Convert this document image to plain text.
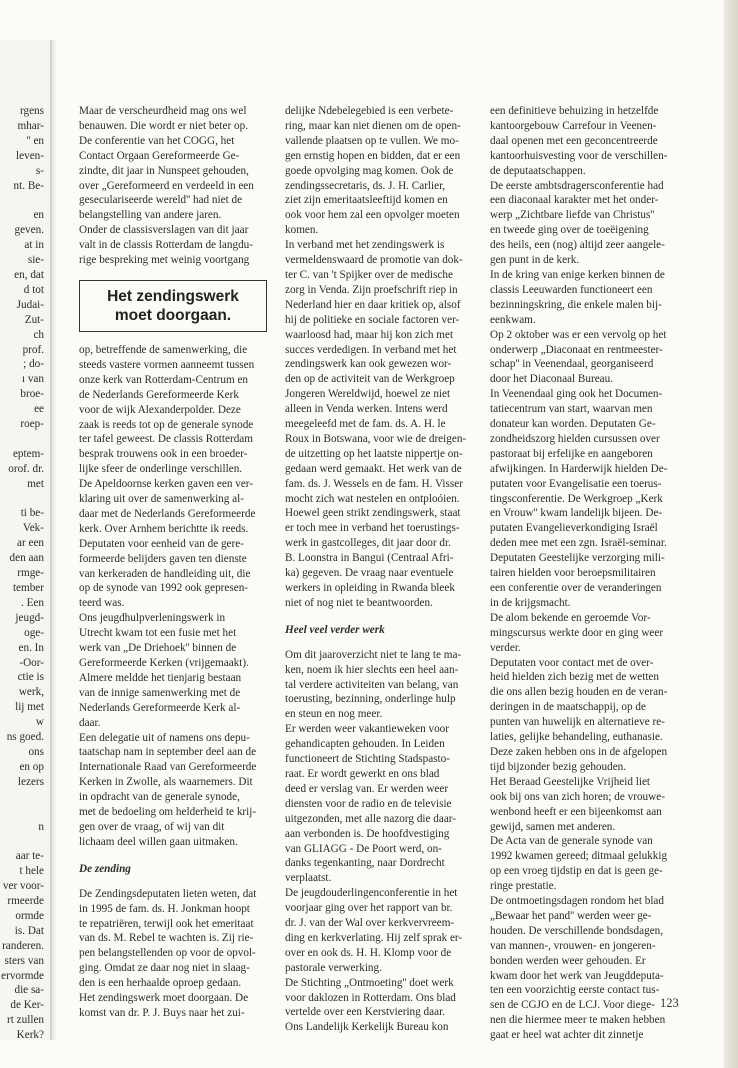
rgens

mhar-

'' en

leven-

s-

nt. Be-

en

geven.

at in

sie-

en, dat

d tot

Judai-

Zut-

ch

prof.

; do-

ı van

broe-

ee

roep-

eptem-

orof. dr.

met

ti be-

Vek-

ar een

den aan

rmge-

tember

. Een

jeugd-

oge-

en. In

-Oor-

ctie is

werk,

lij met

w

ns goed.

ons

en op

lezers

n

aar te-

t hele

ver voor-

rmeerde

ormde

is. Dat

randeren.

sters van

ervormde

die sa-

de Ker-

rt zullen

Kerk?

Maar de verscheurdheid mag ons wel

benauwen. Die wordt er niet beter op.

De conferentie van het COGG, het

Contact Orgaan Gereformeerde Ge-

zindte, dit jaar in Nunspeet gehouden,

over „Gereformeerd en verdeeld in een

geseculariseerde wereld'' had niet de

belangstelling van andere jaren.

Onder de classisverslagen van dit jaar

valt in de classis Rotterdam de langdu-

rige bespreking met weinig voortgang

Het zendingswerk
moet doorgaan.

op, betreffende de samenwerking, die

steeds vastere vormen aanneemt tussen

onze kerk van Rotterdam-Centrum en

de Nederlands Gereformeerde Kerk

voor de wijk Alexanderpolder. Deze

zaak is reeds tot op de generale synode

ter tafel geweest. De classis Rotterdam

besprak trouwens ook in een broeder-

lijke sfeer de onderlinge verschillen.

De Apeldoornse kerken gaven een ver-

klaring uit over de samenwerking al-

daar met de Nederlands Gereformeerde

kerk. Over Arnhem berichtte ik reeds.

Deputaten voor eenheid van de gere-

formeerde belijders gaven ten dienste

van kerkeraden de handleiding uit, die

op de synode van 1992 ook gepresen-

teerd was.

Ons jeugdhulpverleningswerk in

Utrecht kwam tot een fusie met het

werk van „De Driehoek'' binnen de

Gereformeerde Kerken (vrijgemaakt).

Almere meldde het tienjarig bestaan

van de innige samenwerking met de

Nederlands Gereformeerde Kerk al-

daar.

Een delegatie uit of namens ons depu-

taatschap nam in september deel aan de

Internationale Raad van Gereformeerde

Kerken in Zwolle, als waarnemers. Dit

in opdracht van de generale synode,

met de bedoeling om helderheid te krij-

gen over de vraag, of wij van dit

lichaam deel willen gaan uitmaken.

De zending

De Zendingsdeputaten lieten weten, dat

in 1995 de fam. ds. H. Jonkman hoopt

te repatriëren, terwijl ook het emeritaat

van ds. M. Rebel te wachten is. Zij rie-

pen belangstellenden op voor de opvol-

ging. Omdat ze daar nog niet in slaag-

den is een herhaalde oproep gedaan.

Het zendingswerk moet doorgaan. De

komst van dr. P. J. Buys naar het zui-

delijke Ndebelegebied is een verbete-

ring, maar kan niet dienen om de open-

vallende plaatsen op te vullen. We mo-

gen ernstig hopen en bidden, dat er een

goede opvolging mag komen. Ook de

zendingssecretaris, ds. J. H. Carlier,

ziet zijn emeritaatsleeftijd komen en

ook voor hem zal een opvolger moeten

komen.

In verband met het zendingswerk is

vermeldenswaard de promotie van dok-

ter C. van 't Spijker over de medische

zorg in Venda. Zijn proefschrift riep in

Nederland hier en daar kritiek op, alsof

hij de politieke en sociale factoren ver-

waarloosd had, maar hij kon zich met

succes verdedigen. In verband met het

zendingswerk kan ook gewezen wor-

den op de activiteit van de Werkgroep

Jongeren Wereldwijd, hoewel ze niet

alleen in Venda werken. Intens werd

meegeleefd met de fam. ds. A. H. le

Roux in Botswana, voor wie de dreigen-

de uitzetting op het laatste nippertje on-

gedaan werd gemaakt. Het werk van de

fam. ds. J. Wessels en de fam. H. Visser

mocht zich wat nestelen en ontploóien.

Hoewel geen strikt zendingswerk, staat

er toch mee in verband het toerustings-

werk in gastcolleges, dit jaar door dr.

B. Loonstra in Bangui (Centraal Afri-

ka) gegeven. De vraag naar eventuele

werkers in opleiding in Rwanda bleek

niet of nog niet te beantwoorden.

Heel veel verder werk

Om dit jaaroverzicht niet te lang te ma-

ken, noem ik hier slechts een heel aan-

tal verdere activiteiten van belang, van

toerusting, bezinning, onderlinge hulp

en steun en nog meer.

Er werden weer vakantieweken voor

gehandicapten gehouden. In Leiden

functioneert de Stichting Stadspasto-

raat. Er wordt gewerkt en ons blad

deed er verslag van. Er werden weer

diensten voor de radio en de televisie

uitgezonden, met alle nazorg die daar-

aan verbonden is. De hoofdvestiging

van GLIAGG - De Poort werd, on-

danks tegenkanting, naar Dordrecht

verplaatst.

De jeugdouderlingenconferentie in het

voorjaar ging over het rapport van br.

dr. J. van der Wal over kerkvervreem-

ding en kerkverlating. Hij zelf sprak er-

over en ook ds. H. H. Klomp voor de

pastorale verwerking.

De Stichting „Ontmoeting'' doet werk

voor daklozen in Rotterdam. Ons blad

vertelde over een Kerstviering daar.

Ons Landelijk Kerkelijk Bureau kon

een definitieve behuizing in hetzelfde

kantoorgebouw Carrefour in Veenen-

daal openen met een geconcentreerde

kantoorhuisvesting voor de verschillen-

de deputaatschappen.

De eerste ambtsdragersconferentie had

een diaconaal karakter met het onder-

werp „Zichtbare liefde van Christus''

en tweede ging over de toeëigening

des heils, een (nog) altijd zeer aangele-

gen punt in de kerk.

In de kring van enige kerken binnen de

classis Leeuwarden functioneert een

bezinningskring, die enkele malen bij-

eenkwam.

Op 2 oktober was er een vervolg op het

onderwerp „Diaconaat en rentmeester-

schap'' in Veenendaal, georganiseerd

door het Diaconaal Bureau.

In Veenendaal ging ook het Documen-

tatiecentrum van start, waarvan men

donateur kan worden. Deputaten Ge-

zondheidszorg hielden cursussen over

pastoraat bij erfelijke en aangeboren

afwijkingen. In Harderwijk hielden De-

putaten voor Evangelisatie een toerus-

tingsconferentie. De Werkgroep „Kerk

en Vrouw'' kwam landelijk bijeen. De-

putaten Evangelieverkondiging Israël

deden mee met een zgn. Israël-seminar.

Deputaten Geestelijke verzorging mili-

tairen hielden voor beroepsmilitairen

een conferentie over de veranderingen

in de krijgsmacht.

De alom bekende en geroemde Vor-

mingscursus werkte door en ging weer

verder.

Deputaten voor contact met de over-

heid hielden zich bezig met de wetten

die ons allen bezig houden en de veran-

deringen in de maatschappij, op de

punten van huwelijk en alternatieve re-

laties, gelijke behandeling, euthanasie.

Deze zaken hebben ons in de afgelopen

tijd bijzonder bezig gehouden.

Het Beraad Geestelijke Vrijheid liet

ook bij ons van zich horen; de vrouwe-

wenbond heeft er een bijeenkomst aan

gewijd, samen met anderen.

De Acta van de generale synode van

1992 kwamen gereed; ditmaal gelukkig

op een vroeg tijdstip en dat is geen ge-

ringe prestatie.

De ontmoetingsdagen rondom het blad

„Bewaar het pand'' werden weer ge-

houden. De verschillende bondsdagen,

van mannen-, vrouwen- en jongeren-

bonden werden weer gehouden. Er

kwam door het werk van Jeugddeputa-

ten een voorzichtig eerste contact tus-

sen de CGJO en de LCJ. Voor diege-

nen die hiermee meer te maken hebben

gaat er heel wat achter dit zinnetje

123
